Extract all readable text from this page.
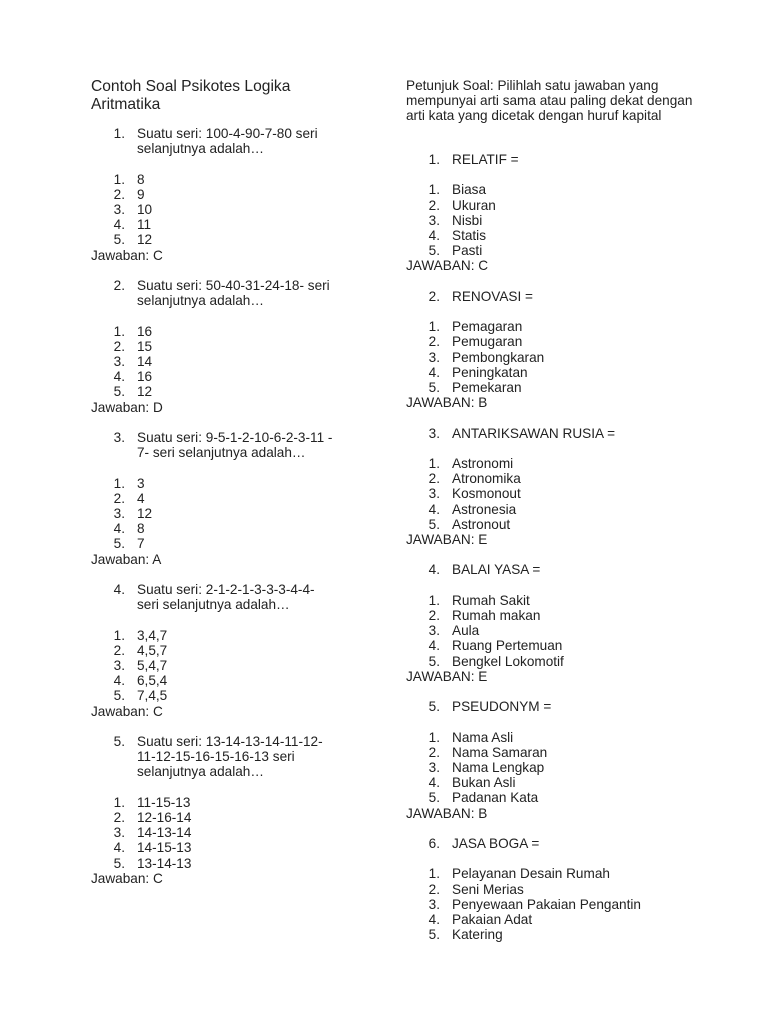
Contoh Soal Psikotes Logika Aritmatika
1. Suatu seri: 100-4-90-7-80 seri
selanjutnya adalah…
1. 8
2. 9
3. 10
4. 11
5. 12
Jawaban: C
2. Suatu seri: 50-40-31-24-18- seri
selanjutnya adalah…
1. 16
2. 15
3. 14
4. 16
5. 12
Jawaban: D
3. Suatu seri: 9-5-1-2-10-6-2-3-11 -
7- seri selanjutnya adalah…
1. 3
2. 4
3. 12
4. 8
5. 7
Jawaban: A
4. Suatu seri: 2-1-2-1-3-3-3-4-4-
seri selanjutnya adalah…
1. 3,4,7
2. 4,5,7
3. 5,4,7
4. 6,5,4
5. 7,4,5
Jawaban: C
5. Suatu seri: 13-14-13-14-11-12-
11-12-15-16-15-16-13 seri
selanjutnya adalah…
1. 11-15-13
2. 12-16-14
3. 14-13-14
4. 14-15-13
5. 13-14-13
Jawaban: C
Petunjuk Soal: Pilihlah satu jawaban yang mempunyai arti sama atau paling dekat dengan arti kata yang dicetak dengan huruf kapital
1. RELATIF =
1. Biasa
2. Ukuran
3. Nisbi
4. Statis
5. Pasti
JAWABAN: C
2. RENOVASI =
1. Pemagaran
2. Pemugaran
3. Pembongkaran
4. Peningkatan
5. Pemekaran
JAWABAN: B
3. ANTARIKSAWAN RUSIA =
1. Astronomi
2. Atronomika
3. Kosmonout
4. Astronesia
5. Astronout
JAWABAN: E
4. BALAI YASA =
1. Rumah Sakit
2. Rumah makan
3. Aula
4. Ruang Pertemuan
5. Bengkel Lokomotif
JAWABAN: E
5. PSEUDONYM =
1. Nama Asli
2. Nama Samaran
3. Nama Lengkap
4. Bukan Asli
5. Padanan Kata
JAWABAN: B
6. JASA BOGA =
1. Pelayanan Desain Rumah
2. Seni Merias
3. Penyewaan Pakaian Pengantin
4. Pakaian Adat
5. Katering
